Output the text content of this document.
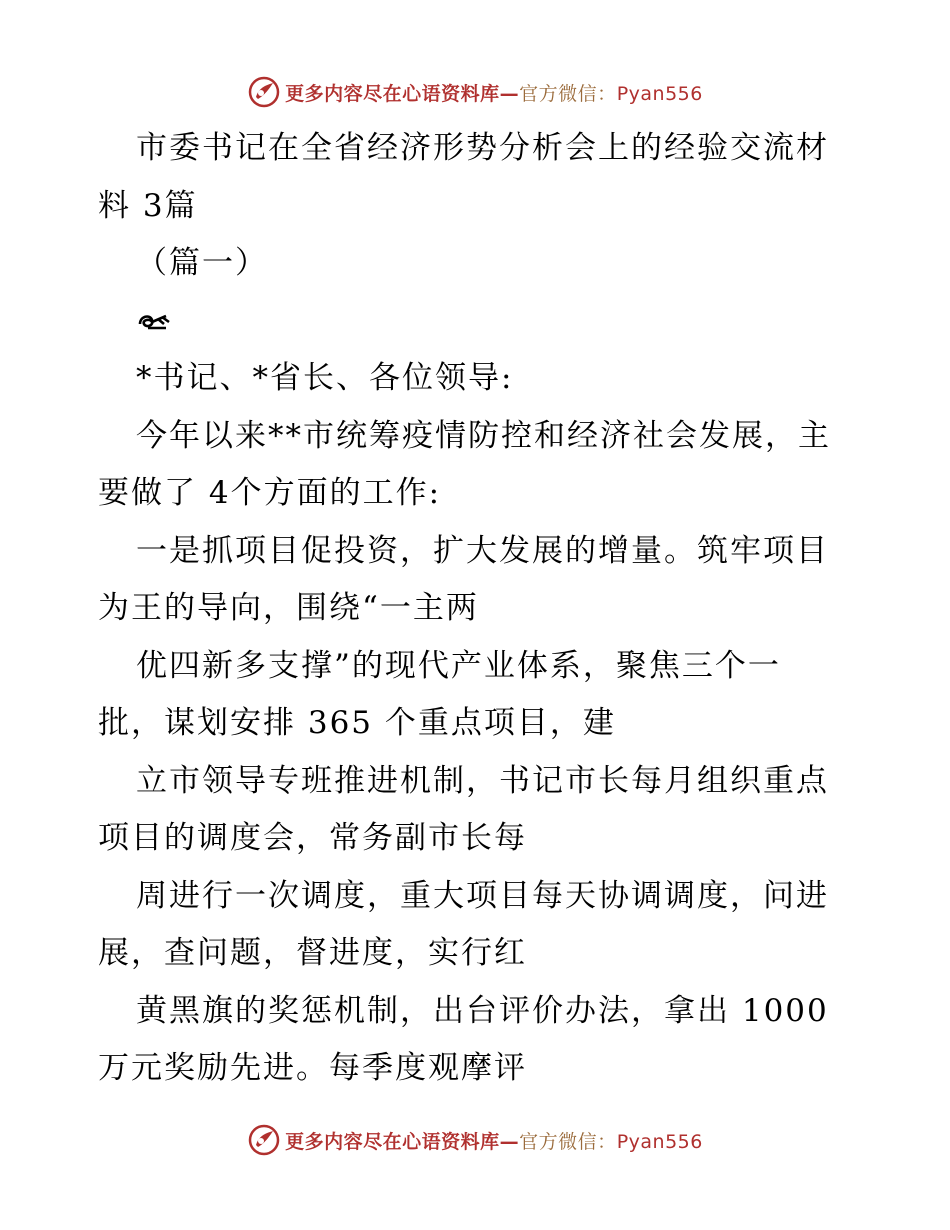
更多内容尽在心语资料库—官方微信：Pyan556
市委书记在全省经济形势分析会上的经验交流材
料 3篇
（篇一）
*书记、*省长、各位领导:
今年以来**市统筹疫情防控和经济社会发展，主
要做了 4个方面的工作:
一是抓项目促投资，扩大发展的增量。筑牢项目
为王的导向，围绕“一主两
优四新多支撑”的现代产业体系，聚焦三个一
批，谋划安排 365 个重点项目，建
立市领导专班推进机制，书记市长每月组织重点
项目的调度会，常务副市长每
周进行一次调度，重大项目每天协调调度，问进
展，查问题，督进度，实行红
黄黑旗的奖惩机制，出台评价办法，拿出 1000
万元奖励先进。每季度观摩评
更多内容尽在心语资料库—官方微信：Pyan556
